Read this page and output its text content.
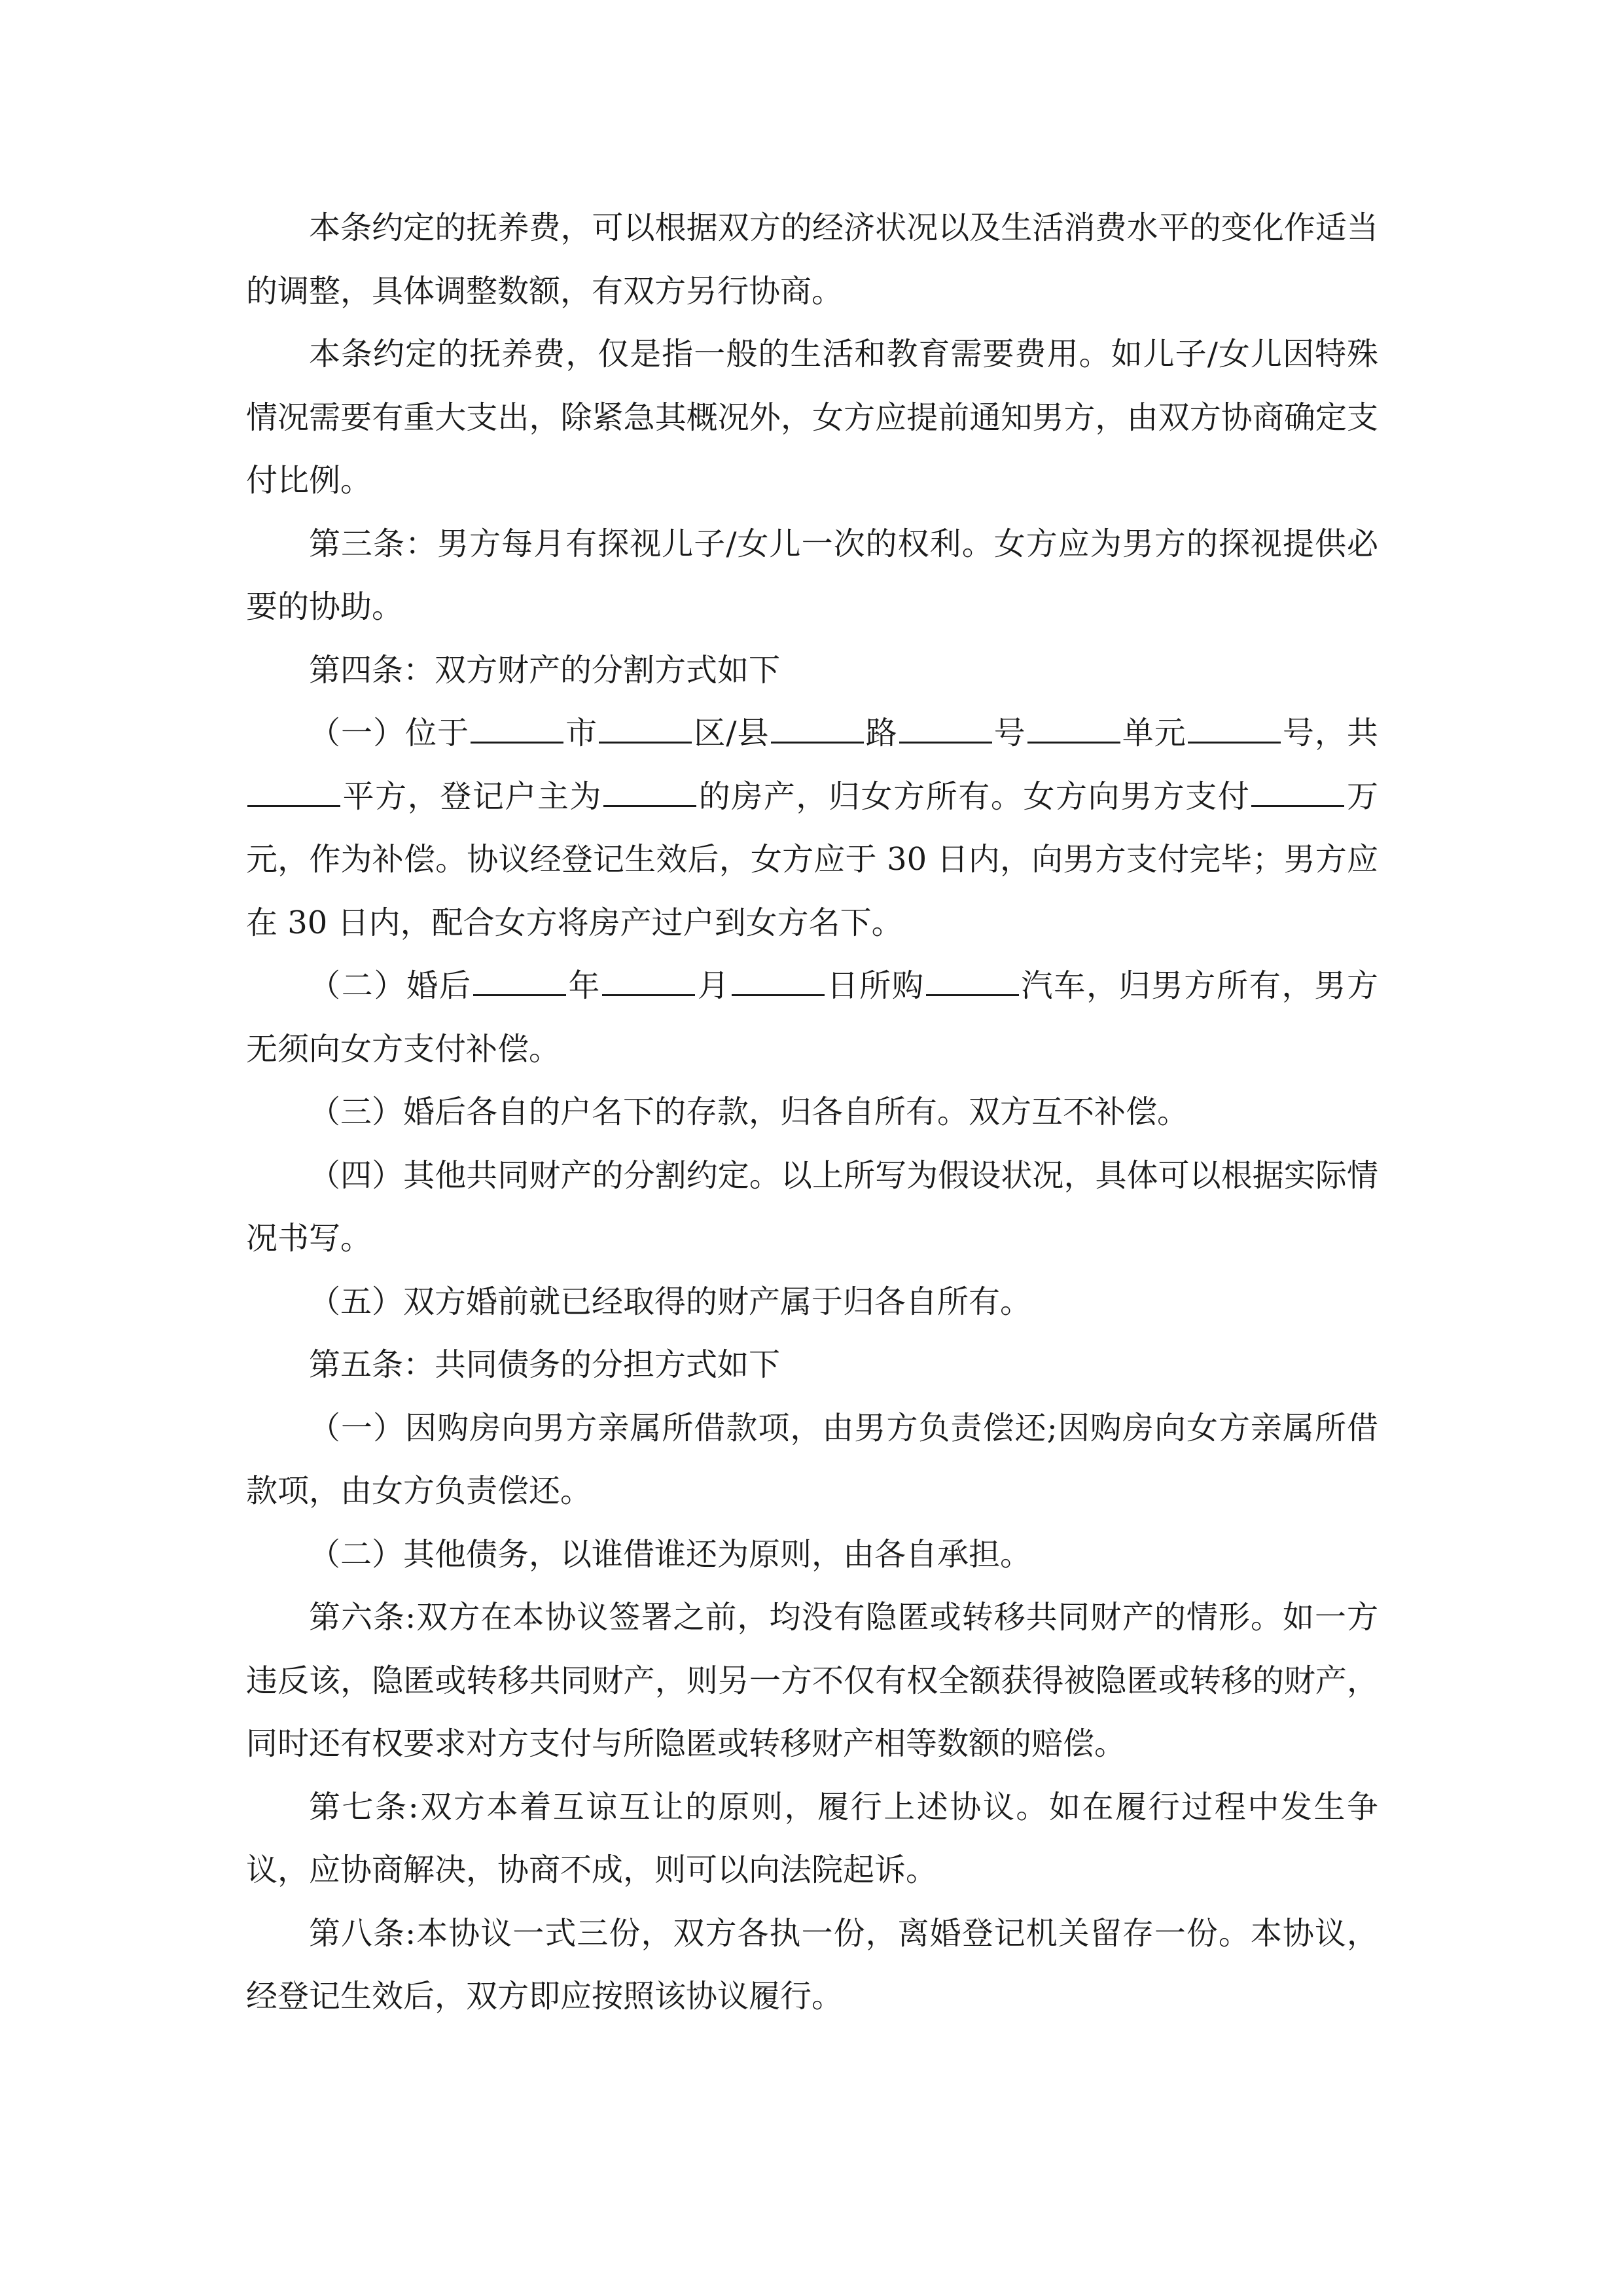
本条约定的抚养费，可以根据双方的经济状况以及生活消费水平的变化作适当的调整，具体调整数额，有双方另行协商。

本条约定的抚养费，仅是指一般的生活和教育需要费用。如儿子/女儿因特殊情况需要有重大支出，除紧急其概况外，女方应提前通知男方，由双方协商确定支付比例。

第三条：男方每月有探视儿子/女儿一次的权利。女方应为男方的探视提供必要的协助。

第四条：双方财产的分割方式如下

（一）位于	市	区/县	路	号	单元	号，共平方，登记户主为	的房产，归女方所有。女方向男方支付	万元，作为补偿。协议经登记生效后，女方应于 30 日内，向男方支付完毕；男方应在 30 日内，配合女方将房产过户到女方名下。

（二）婚后	年	月	日所购	汽车，归男方所有，男方无须向女方支付补偿。

（三）婚后各自的户名下的存款，归各自所有。双方互不补偿。

（四）其他共同财产的分割约定。以上所写为假设状况，具体可以根据实际情况书写。

（五）双方婚前就已经取得的财产属于归各自所有。

第五条：共同债务的分担方式如下

（一）因购房向男方亲属所借款项，由男方负责偿还;因购房向女方亲属所借款项，由女方负责偿还。

（二）其他债务，以谁借谁还为原则，由各自承担。

第六条:双方在本协议签署之前，均没有隐匿或转移共同财产的情形。如一方违反该，隐匿或转移共同财产，则另一方不仅有权全额获得被隐匿或转移的财产，同时还有权要求对方支付与所隐匿或转移财产相等数额的赔偿。

第七条:双方本着互谅互让的原则，履行上述协议。如在履行过程中发生争议，应协商解决，协商不成，则可以向法院起诉。

第八条:本协议一式三份，双方各执一份，离婚登记机关留存一份。本协议，经登记生效后，双方即应按照该协议履行。
